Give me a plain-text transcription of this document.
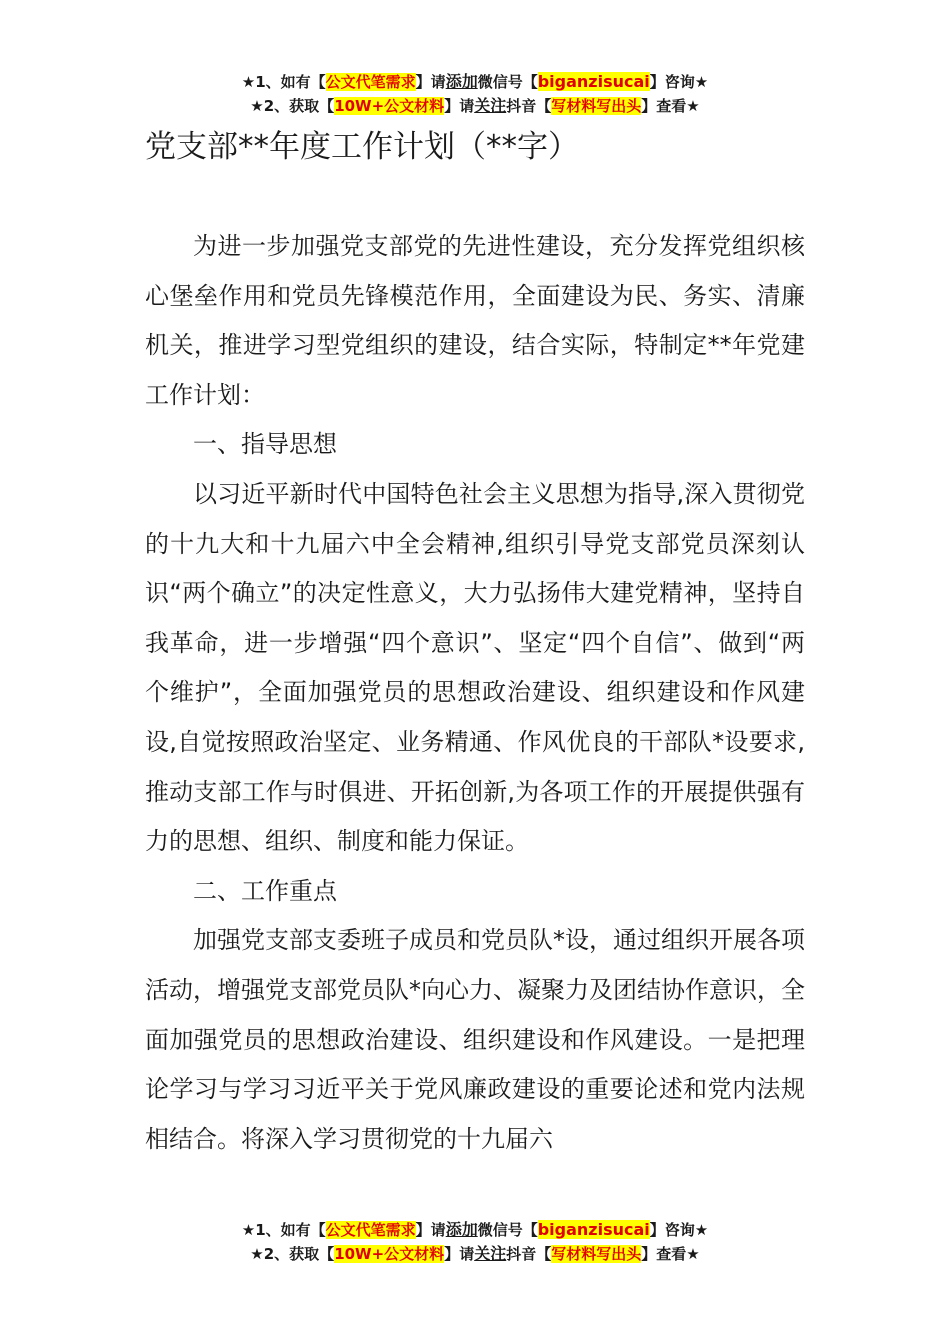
★1、如有【公文代笔需求】请添加微信号【biganzisucai】咨询★
★2、获取【10W+公文材料】请关注抖音【写材料写出头】查看★
党支部**年度工作计划（**字）

为进一步加强党支部党的先进性建设，充分发挥党组织核心堡垒作用和党员先锋模范作用，全面建设为民、务实、清廉机关，推进学习型党组织的建设，结合实际，特制定**年党建工作计划：

一、指导思想

以习近平新时代中国特色社会主义思想为指导,深入贯彻党的十九大和十九届六中全会精神,组织引导党支部党员深刻认识“两个确立”的决定性意义，大力弘扬伟大建党精神，坚持自我革命，进一步增强“四个意识”、坚定“四个自信”、做到“两个维护”，全面加强党员的思想政治建设、组织建设和作风建设,自觉按照政治坚定、业务精通、作风优良的干部队*设要求,推动支部工作与时俱进、开拓创新,为各项工作的开展提供强有力的思想、组织、制度和能力保证。

二、工作重点

加强党支部支委班子成员和党员队*设，通过组织开展各项活动，增强党支部党员队*向心力、凝聚力及团结协作意识，全面加强党员的思想政治建设、组织建设和作风建设。一是把理论学习与学习习近平关于党风廉政建设的重要论述和党内法规相结合。将深入学习贯彻党的十九届六

★1、如有【公文代笔需求】请添加微信号【biganzisucai】咨询★
★2、获取【10W+公文材料】请关注抖音【写材料写出头】查看★
